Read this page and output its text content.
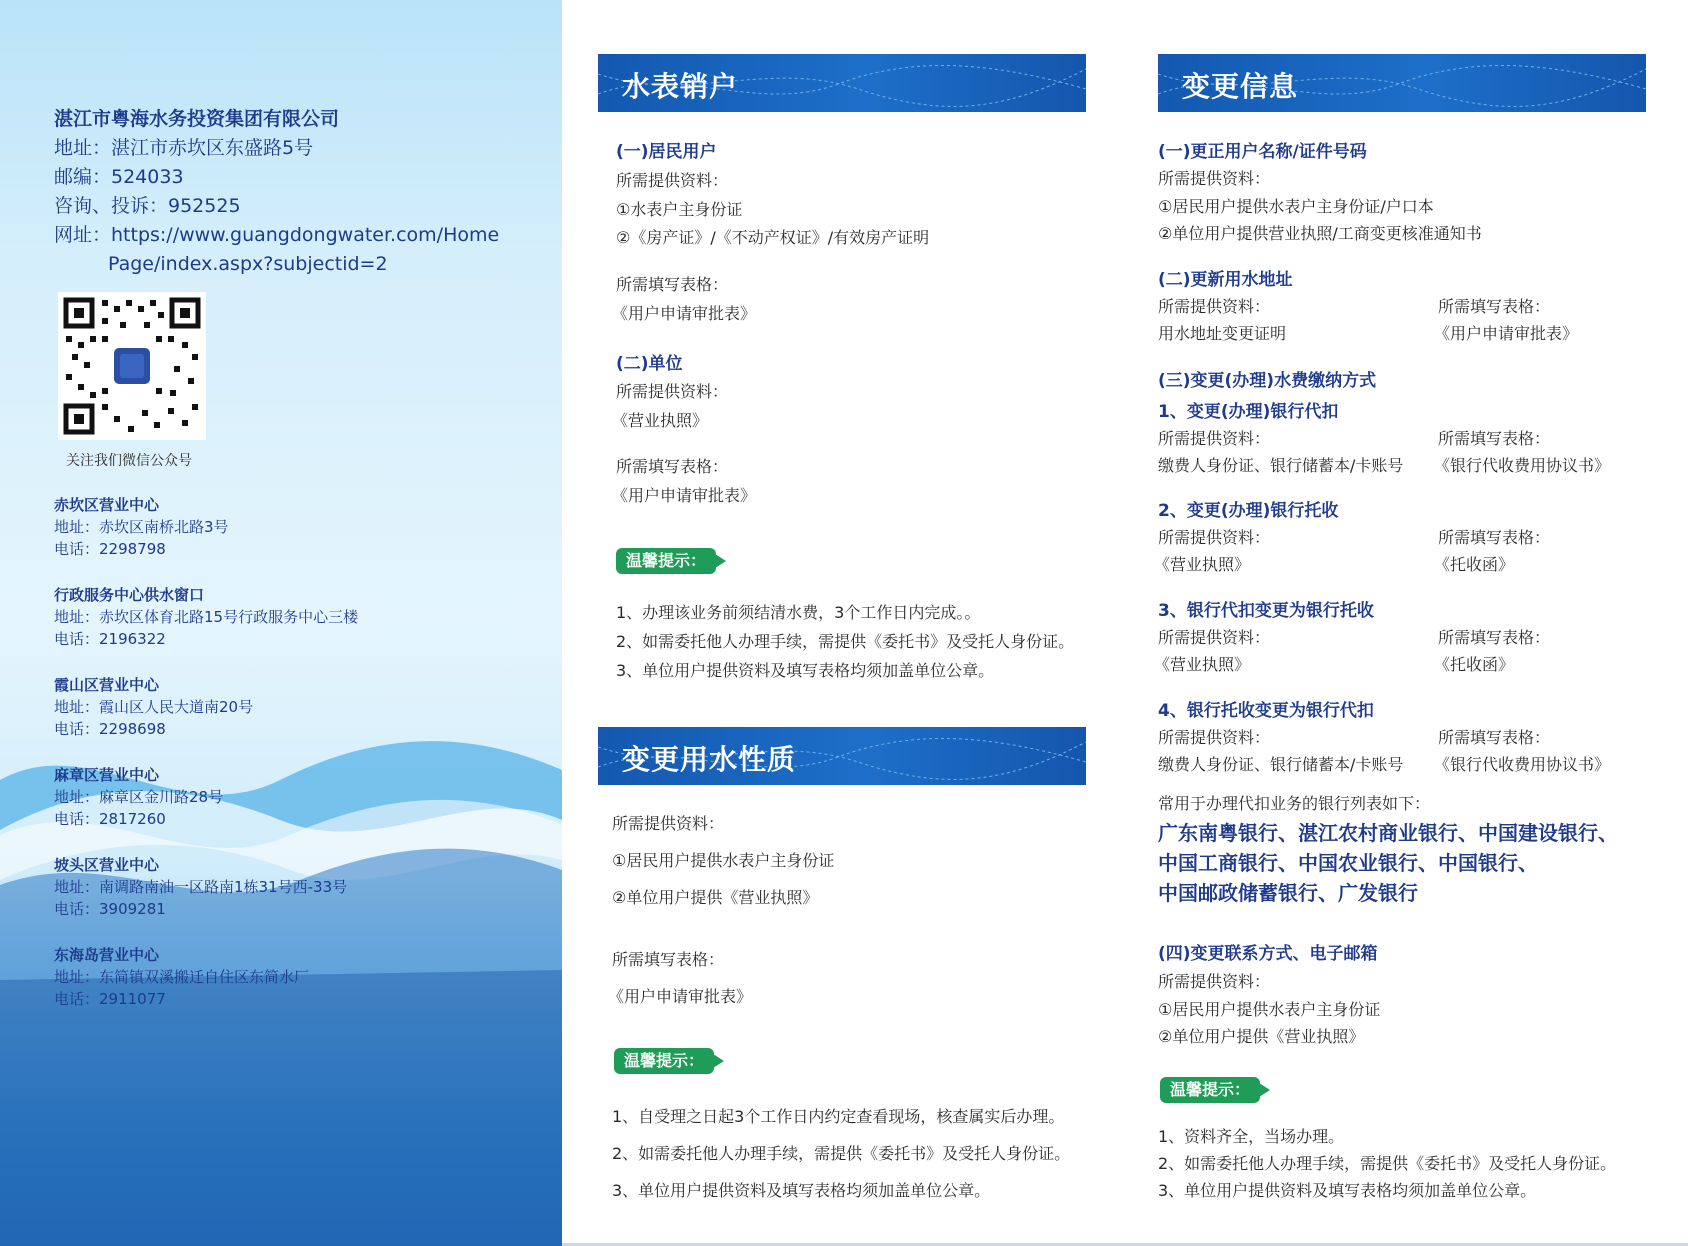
湛江市粤海水务投资集团有限公司
地址：湛江市赤坎区东盛路5号
邮编：524033
咨询、投诉：952525
网址：https://www.guangdongwater.com/Home
Page/index.aspx?subjectid=2
关注我们微信公众号
赤坎区营业中心
地址：赤坎区南桥北路3号
电话：2298798
行政服务中心供水窗口
地址：赤坎区体育北路15号行政服务中心三楼
电话：2196322
霞山区营业中心
地址：霞山区人民大道南20号
电话：2298698
麻章区营业中心
地址：麻章区金川路28号
电话：2817260
坡头区营业中心
地址：南调路南油一区路南1栋31号西-33号
电话：3909281
东海岛营业中心
地址：东简镇双溪搬迁自住区东简水厂
电话：2911077
水表销户
(一)居民用户
所需提供资料：
①水表户主身份证
②《房产证》/《不动产权证》/有效房产证明
所需填写表格：
《用户申请审批表》
(二)单位
所需提供资料：
《营业执照》
所需填写表格：
《用户申请审批表》
温馨提示：
1、办理该业务前须结清水费，3个工作日内完成。。
2、如需委托他人办理手续，需提供《委托书》及受托人身份证。
3、单位用户提供资料及填写表格均须加盖单位公章。
变更用水性质
所需提供资料：
①居民用户提供水表户主身份证
②单位用户提供《营业执照》
所需填写表格：
《用户申请审批表》
温馨提示：
1、自受理之日起3个工作日内约定查看现场，核查属实后办理。
2、如需委托他人办理手续，需提供《委托书》及受托人身份证。
3、单位用户提供资料及填写表格均须加盖单位公章。
变更信息
(一)更正用户名称/证件号码
所需提供资料：
①居民用户提供水表户主身份证/户口本
②单位用户提供营业执照/工商变更核准通知书
(二)更新用水地址
所需提供资料：	所需填写表格：
用水地址变更证明	《用户申请审批表》
(三)变更(办理)水费缴纳方式
1、变更(办理)银行代扣
所需提供资料：	所需填写表格：
缴费人身份证、银行储蓄本/卡账号 《银行代收费用协议书》
2、变更(办理)银行托收
所需提供资料：	所需填写表格：
《营业执照》	《托收函》
3、银行代扣变更为银行托收
所需提供资料：	所需填写表格：
《营业执照》	《托收函》
4、银行托收变更为银行代扣
所需提供资料：	所需填写表格：
缴费人身份证、银行储蓄本/卡账号 《银行代收费用协议书》
常用于办理代扣业务的银行列表如下：
广东南粤银行、湛江农村商业银行、中国建设银行、
中国工商银行、中国农业银行、中国银行、
中国邮政储蓄银行、广发银行
(四)变更联系方式、电子邮箱
所需提供资料：
①居民用户提供水表户主身份证
②单位用户提供《营业执照》
温馨提示：
1、资料齐全，当场办理。
2、如需委托他人办理手续，需提供《委托书》及受托人身份证。
3、单位用户提供资料及填写表格均须加盖单位公章。
